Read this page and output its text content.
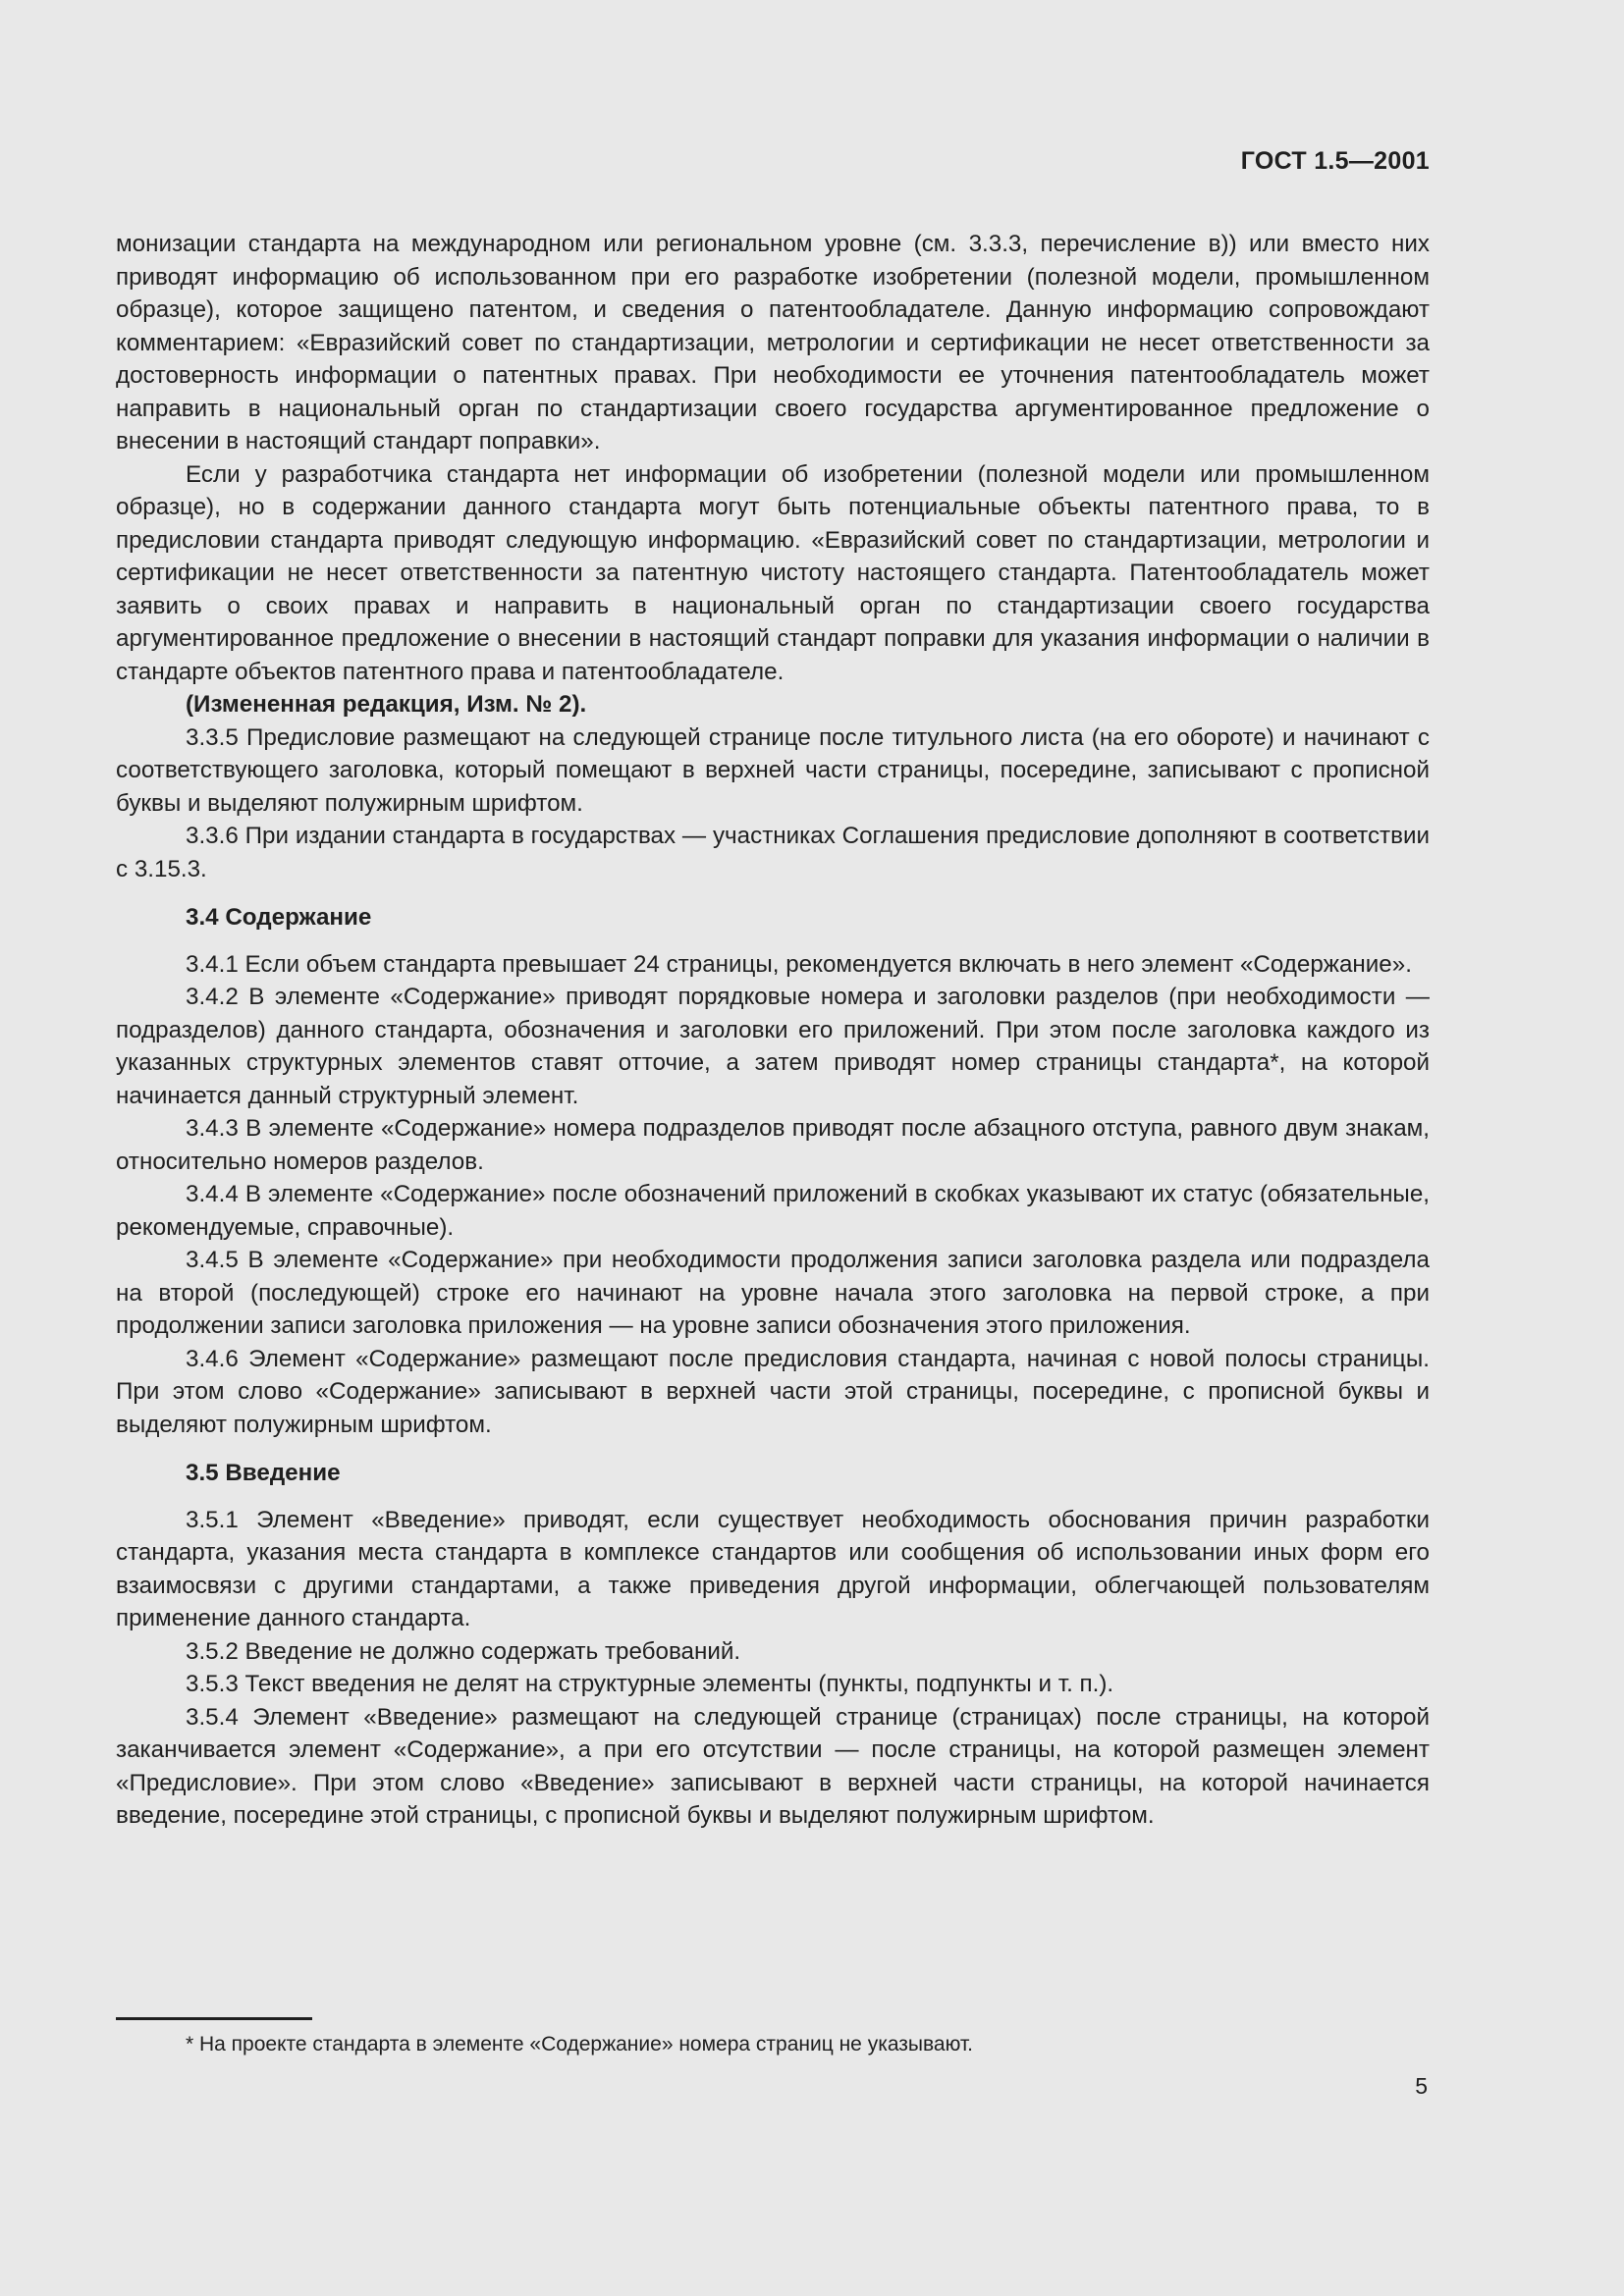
ГОСТ 1.5—2001

монизации стандарта на международном или региональном уровне (см. 3.3.3, перечисление в)) или вместо них приводят информацию об использованном при его разработке изобретении (полезной модели, промышленном образце), которое защищено патентом, и сведения о патентообладателе. Данную информацию сопровождают комментарием: «Евразийский совет по стандартизации, метрологии и сертификации не несет ответственности за достоверность информации о патентных правах. При необходимости ее уточнения патентообладатель может направить в национальный орган по стандартизации своего государства аргументированное предложение о внесении в настоящий стандарт поправки».

Если у разработчика стандарта нет информации об изобретении (полезной модели или промышленном образце), но в содержании данного стандарта могут быть потенциальные объекты патентного права, то в предисловии стандарта приводят следующую информацию. «Евразийский совет по стандартизации, метрологии и сертификации не несет ответственности за патентную чистоту настоящего стандарта. Патентообладатель может заявить о своих правах и направить в национальный орган по стандартизации своего государства аргументированное предложение о внесении в настоящий стандарт поправки для указания информации о наличии в стандарте объектов патентного права и патентообладателе.

(Измененная редакция, Изм. № 2).

3.3.5 Предисловие размещают на следующей странице после титульного листа (на его обороте) и начинают с соответствующего заголовка, который помещают в верхней части страницы, посередине, записывают с прописной буквы и выделяют полужирным шрифтом.

3.3.6 При издании стандарта в государствах — участниках Соглашения предисловие дополняют в соответствии с 3.15.3.

3.4 Содержание

3.4.1 Если объем стандарта превышает 24 страницы, рекомендуется включать в него элемент «Содержание».

3.4.2 В элементе «Содержание» приводят порядковые номера и заголовки разделов (при необходимости — подразделов) данного стандарта, обозначения и заголовки его приложений. При этом после заголовка каждого из указанных структурных элементов ставят отточие, а затем приводят номер страницы стандарта*, на которой начинается данный структурный элемент.

3.4.3 В элементе «Содержание» номера подразделов приводят после абзацного отступа, равного двум знакам, относительно номеров разделов.

3.4.4 В элементе «Содержание» после обозначений приложений в скобках указывают их статус (обязательные, рекомендуемые, справочные).

3.4.5 В элементе «Содержание» при необходимости продолжения записи заголовка раздела или подраздела на второй (последующей) строке его начинают на уровне начала этого заголовка на первой строке, а при продолжении записи заголовка приложения — на уровне записи обозначения этого приложения.

3.4.6 Элемент «Содержание» размещают после предисловия стандарта, начиная с новой полосы страницы. При этом слово «Содержание» записывают в верхней части этой страницы, посередине, с прописной буквы и выделяют полужирным шрифтом.

3.5 Введение

3.5.1 Элемент «Введение» приводят, если существует необходимость обоснования причин разработки стандарта, указания места стандарта в комплексе стандартов или сообщения об использовании иных форм его взаимосвязи с другими стандартами, а также приведения другой информации, облегчающей пользователям применение данного стандарта.

3.5.2 Введение не должно содержать требований.

3.5.3 Текст введения не делят на структурные элементы (пункты, подпункты и т. п.).

3.5.4 Элемент «Введение» размещают на следующей странице (страницах) после страницы, на которой заканчивается элемент «Содержание», а при его отсутствии — после страницы, на которой размещен элемент «Предисловие». При этом слово «Введение» записывают в верхней части страницы, на которой начинается введение, посередине этой страницы, с прописной буквы и выделяют полужирным шрифтом.

* На проекте стандарта в элементе «Содержание» номера страниц не указывают.
5
